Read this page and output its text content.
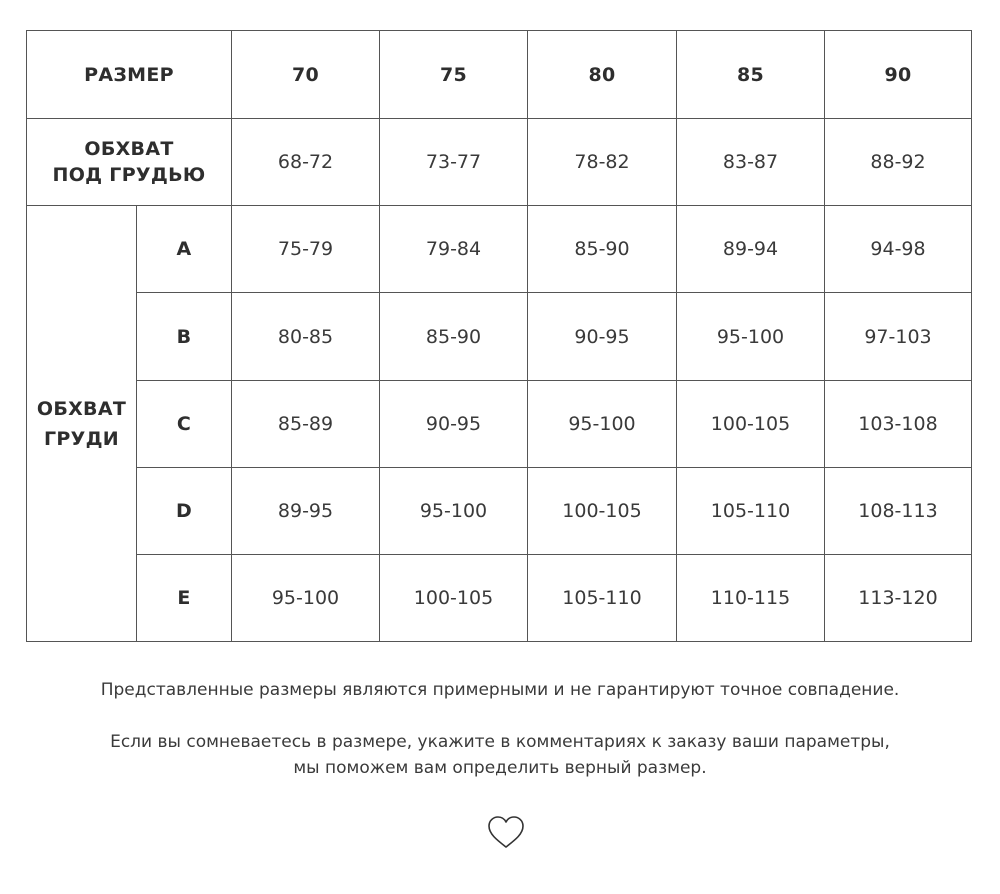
РАЗМЕР	70	75	80	85	90
ОБХВАТ
ПОД ГРУДЬЮ
68-72	73-77	78-82	83-87	88-92
ОБХВАТ
ГРУДИ
A	75-79	79-84	85-90	89-94	94-98
B	80-85	85-90	90-95	95-100	97-103
C	85-89	90-95	95-100	100-105	103-108
D	89-95	95-100	100-105	105-110	108-113
E	95-100	100-105	105-110	110-115	113-120
Представленные размеры являются примерными и не гарантируют точное совпадение.
Если вы сомневаетесь в размере, укажите в комментариях к заказу ваши параметры,
мы поможем вам определить верный размер.
